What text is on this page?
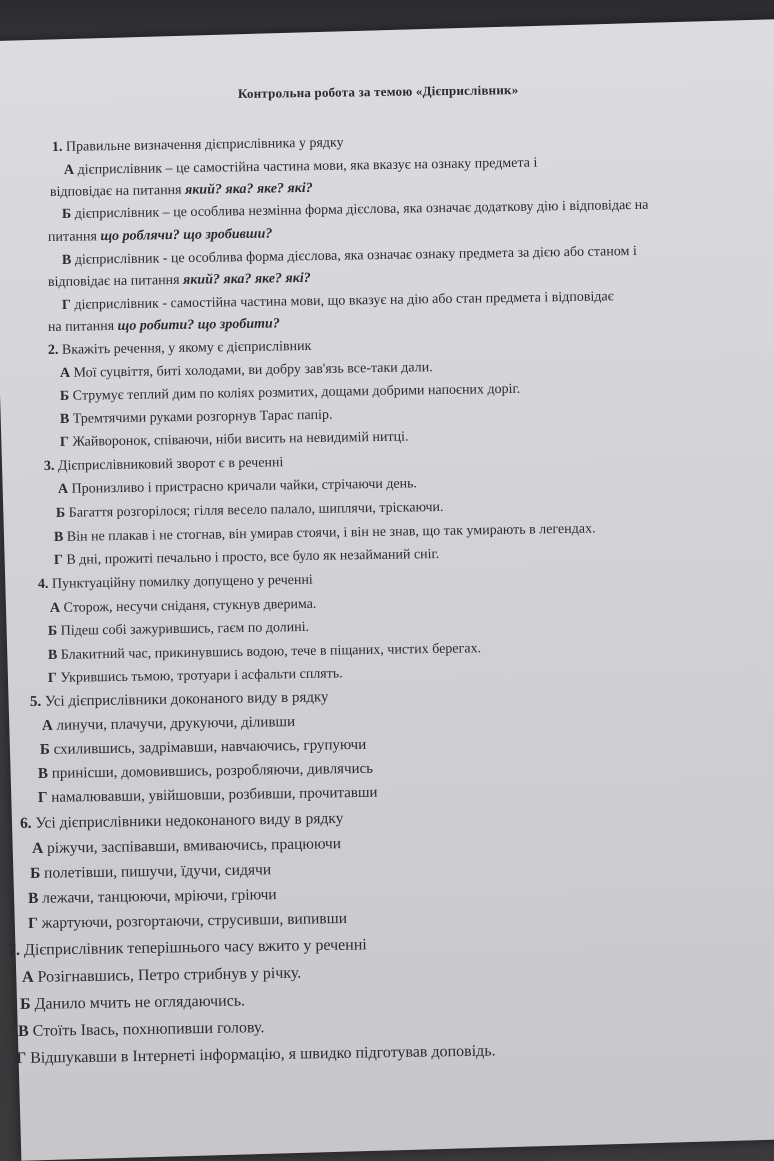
Контрольна робота за темою «Дієприслівник»
1. Правильне визначення дієприслівника у рядку
А дієприслівник – це самостійна частина мови, яка вказує на ознаку предмета і
відповідає на питання який? яка? яке? які?
Б дієприслівник – це особлива незмінна форма дієслова, яка означає додаткову дію і відповідає на
питання що роблячи? що зробивши?
В дієприслівник - це особлива форма дієслова, яка означає ознаку предмета за дією або станом і
відповідає на питання який? яка? яке? які?
Г дієприслівник - самостійна частина мови, що вказує на дію або стан предмета і відповідає
на питання що робити? що зробити?
2. Вкажіть речення, у якому є дієприслівник
А Мої суцвіття, биті холодами, ви добру зав'язь все-таки дали.
Б Струмує теплий дим по коліях розмитих, дощами добрими напоєних доріг.
В Тремтячими руками розгорнув Тарас папір.
Г Жайворонок, співаючи, ніби висить на невидимій нитці.
3. Дієприслівниковий зворот є в реченні
А Пронизливо і пристрасно кричали чайки, стрічаючи день.
Б Багаття розгорілося; гілля весело палало, шиплячи, тріскаючи.
В Він не плакав і не стогнав, він умирав стоячи, і він не знав, що так умирають в легендах.
Г В дні, прожиті печально і просто, все було як незайманий сніг.
4. Пунктуаційну помилку допущено у реченні
А Сторож, несучи сніданя, стукнув дверима.
Б Підеш собі зажурившись, гаєм по долині.
В Блакитний час, прикинувшись водою, тече в піщаних, чистих берегах.
Г Укрившись тьмою, тротуари і асфальти сплять.
5. Усі дієприслівники доконаного виду в рядку
А линучи, плачучи, друкуючи, діливши
Б схилившись, задрімавши, навчаючись, групуючи
В принісши, домовившись, розробляючи, дивлячись
Г намалювавши, увійшовши, розбивши, прочитавши
6. Усі дієприслівники недоконаного виду в рядку
А ріжучи, заспівавши, вмиваючись, працюючи
Б полетівши, пишучи, їдучи, сидячи
В лежачи, танцюючи, мріючи, гріючи
Г жартуючи, розгортаючи, струсивши, випивши
7. Дієприслівник теперішнього часу вжито у реченні
А Розігнавшись, Петро стрибнув у річку.
Б Данило мчить не оглядаючись.
В Стоїть Івась, похнюпивши голову.
Г Відшукавши в Інтернеті інформацію, я швидко підготував доповідь.
